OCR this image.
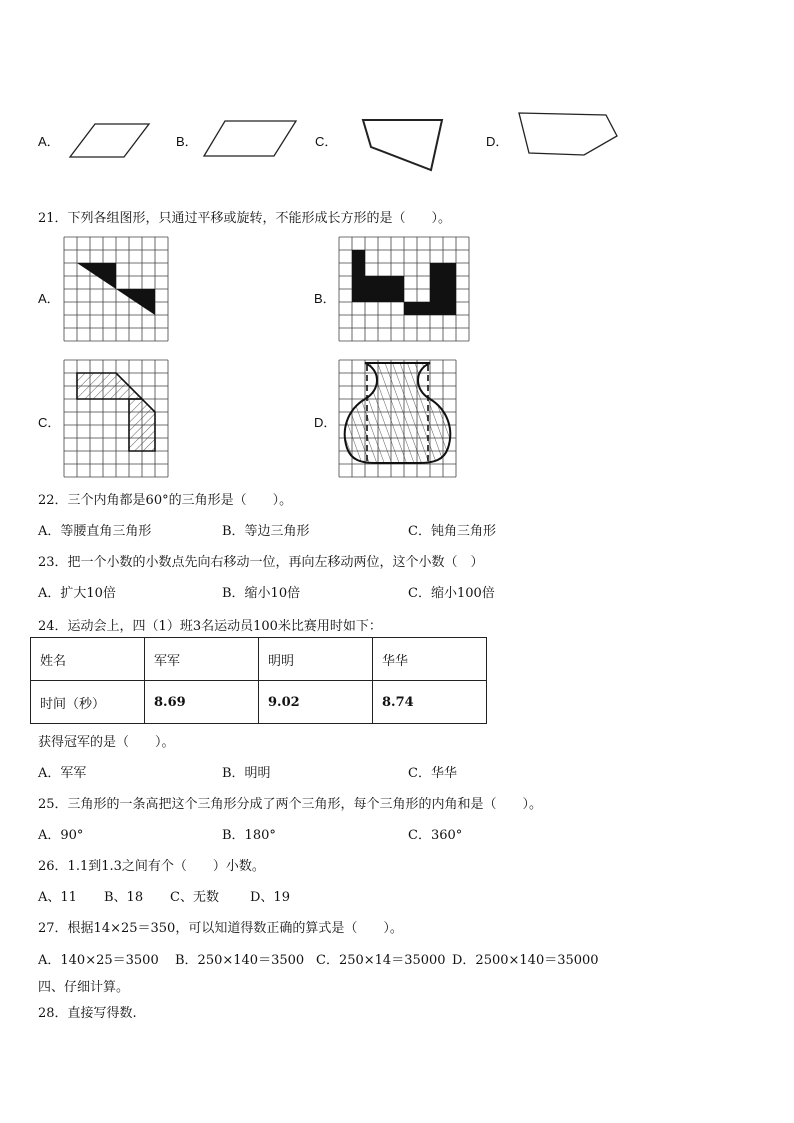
A．	B．	C．	D．
21．下列各组图形，只通过平移或旋转，不能形成长方形的是（　　）。
A．	B．
C．	D．
22．三个内角都是60°的三角形是（　　）。
A．等腰直角三角形	B．等边三角形	C．钝角三角形
23．把一个小数的小数点先向右移动一位，再向左移动两位，这个小数（　）
A．扩大10倍	B．缩小10倍	C．缩小100倍
24．运动会上，四（1）班3名运动员100米比赛用时如下：
姓名	军军	明明	华华
时间（秒）	8.69	9.02	8.74
获得冠军的是（　　）。
A．军军	B．明明	C．华华
25．三角形的一条高把这个三角形分成了两个三角形，每个三角形的内角和是（　　）。
A．90°	B．180°	C．360°
26．1.1到1.3之间有个（　　）小数。
A、11 B、18 C、无数 D、19
27．根据14×25＝350，可以知道得数正确的算式是（　　）。
A．140×25＝3500 B．250×140＝3500 C．250×14＝35000 D．2500×140＝35000
四、仔细计算。
28．直接写得数.
